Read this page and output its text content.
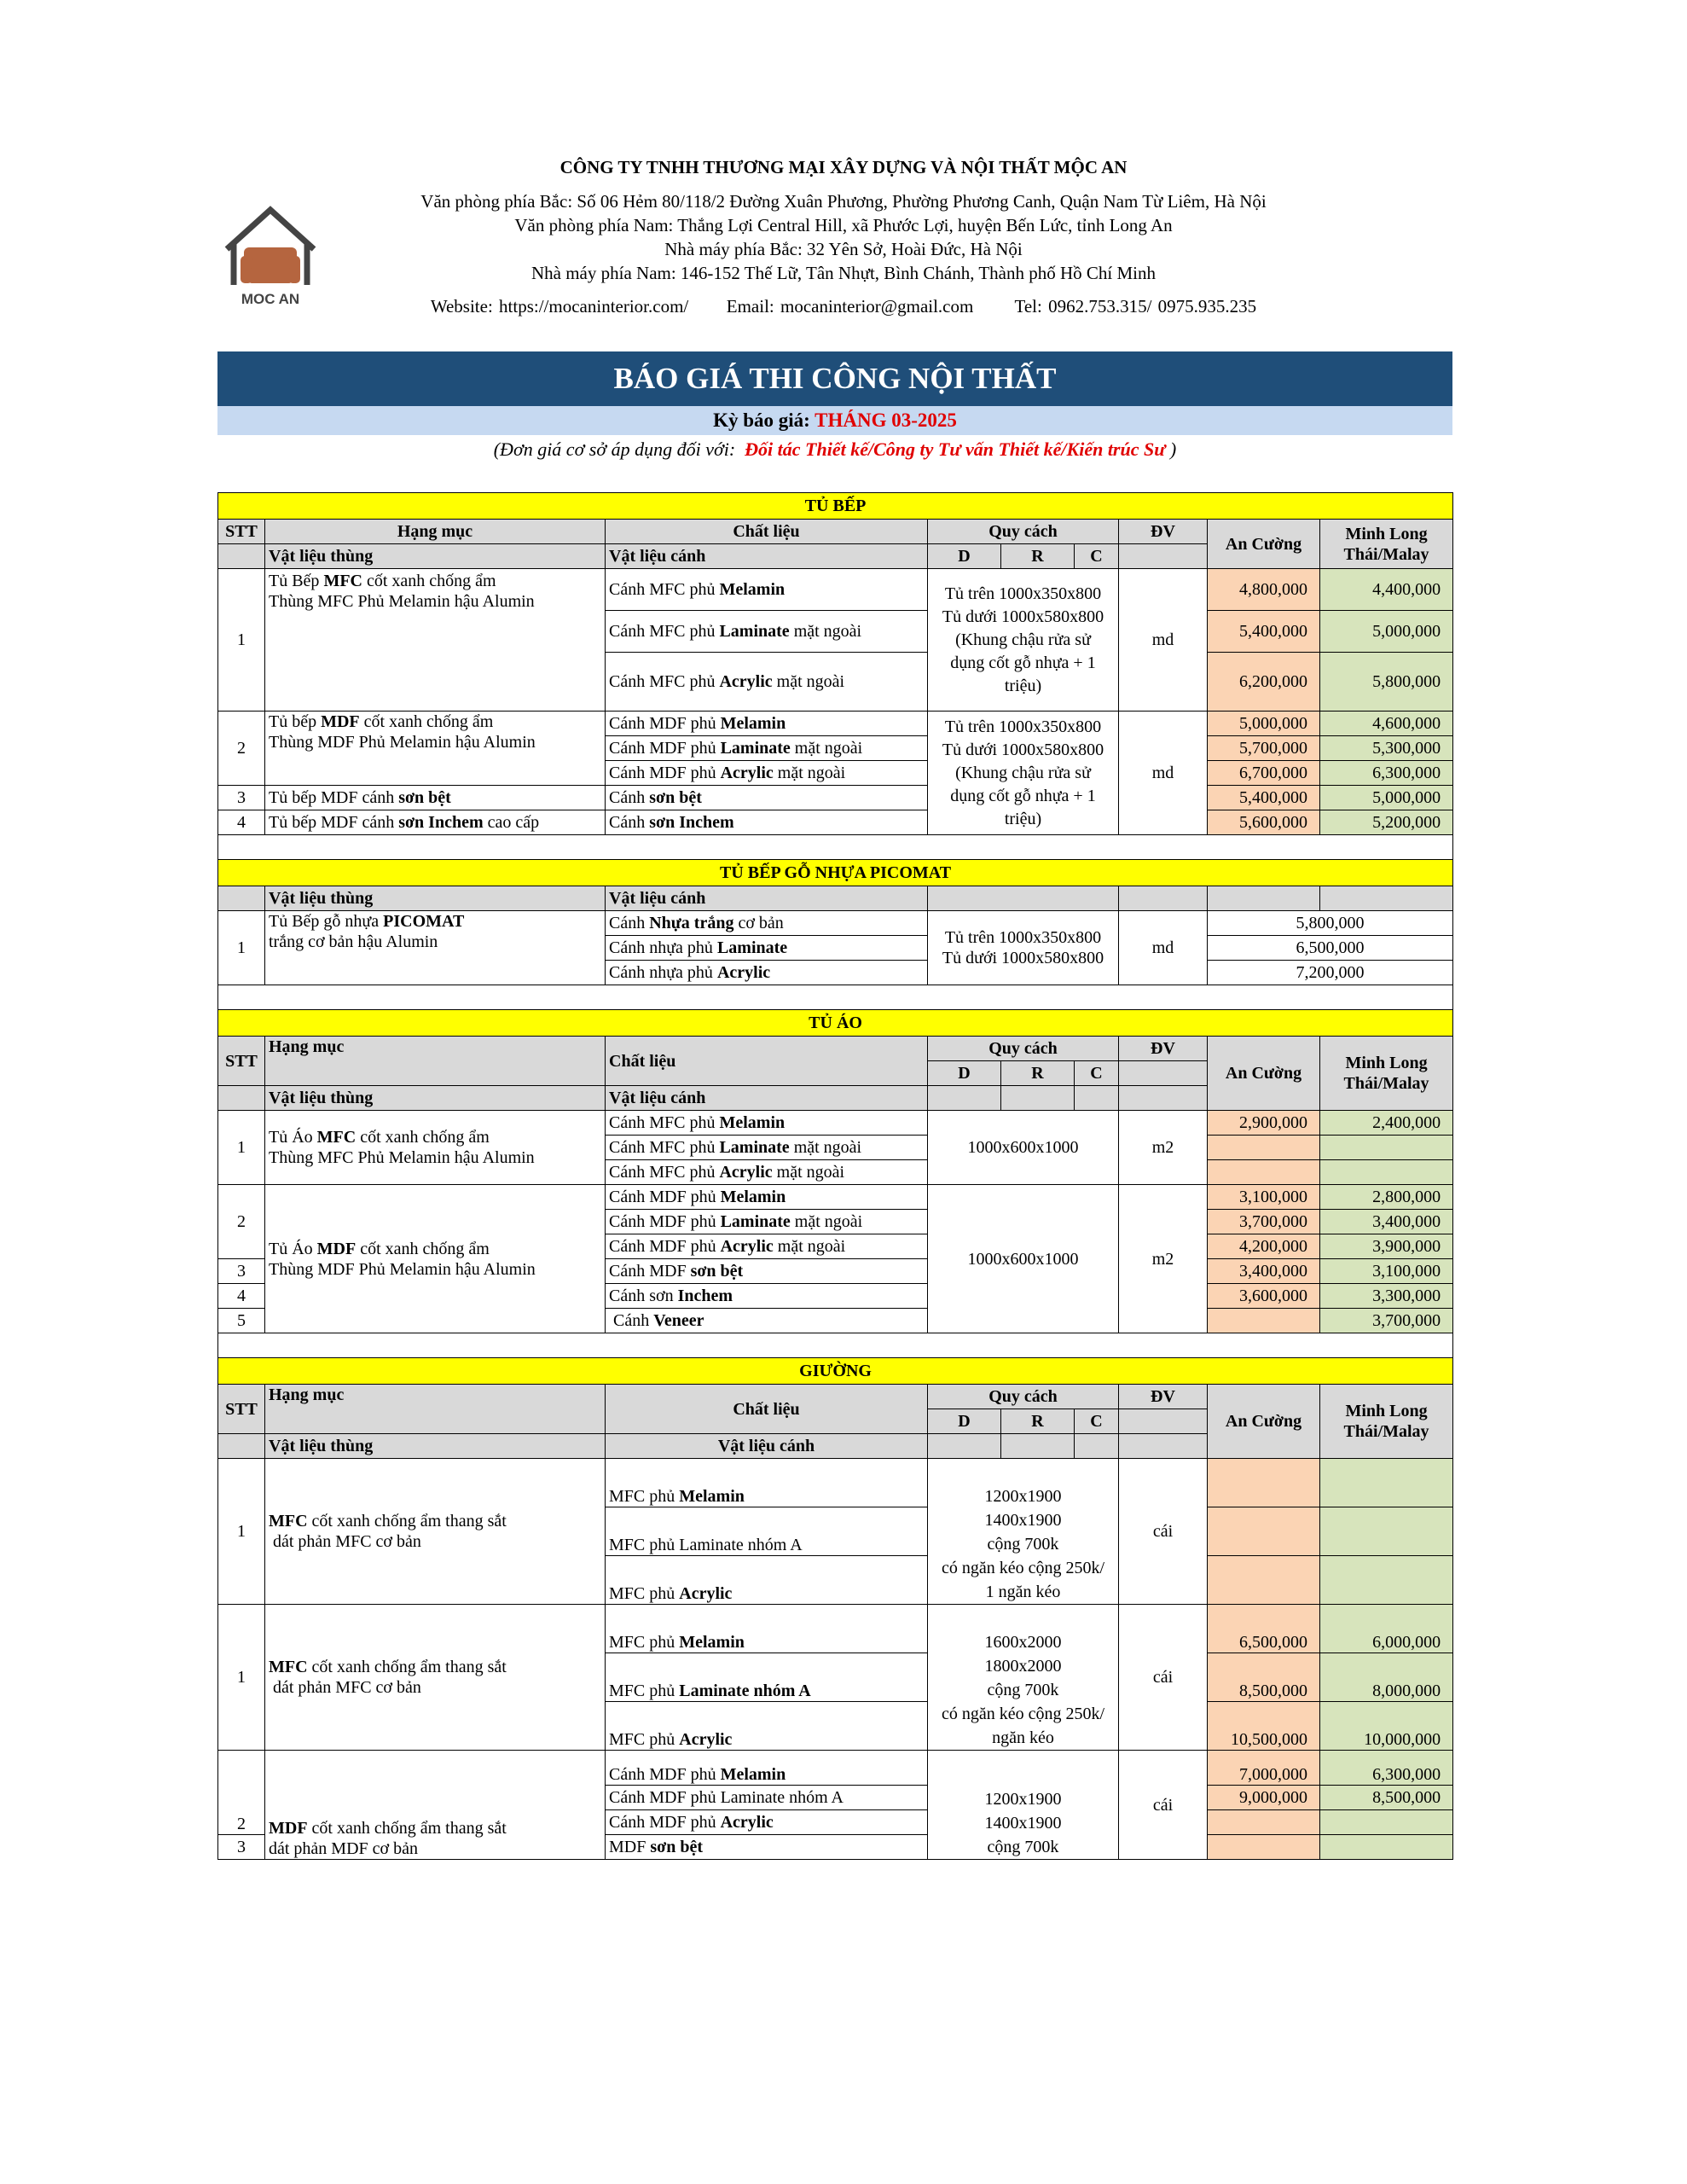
CÔNG TY TNHH THƯƠNG MẠI XÂY DỰNG VÀ NỘI THẤT MỘC AN
Văn phòng phía Bắc: Số 06 Hẻm 80/118/2 Đường Xuân Phương, Phường Phương Canh, Quận Nam Từ Liêm, Hà Nội
Văn phòng phía Nam: Thắng Lợi Central Hill, xã Phước Lợi, huyện Bến Lức, tỉnh Long An
Nhà máy phía Bắc: 32 Yên Sở, Hoài Đức, Hà Nội
Nhà máy phía Nam: 146-152 Thế Lữ, Tân Nhựt, Bình Chánh, Thành phố Hồ Chí Minh
Website: https://mocaninterior.com/ Email: mocaninterior@gmail.com Tel: 0962.753.315/ 0975.935.235
MOC AN
BÁO GIÁ THI CÔNG NỘI THẤT
Kỳ báo giá: THÁNG 03-2025
(Đơn giá cơ sở áp dụng đối với: Đối tác Thiết kế/Công ty Tư vấn Thiết kế/Kiến trúc Sư )
TỦ BẾP								
STT	Hạng mục	Chất liệu	Quy cách			ĐV	An Cường	Minh Long
Thái/Malay
			D	R	C			
	Vật liệu thùng	Vật liệu cánh						
1	Tủ Bếp MFC cốt xanh chống ẩm
Thùng MFC Phủ Melamin hậu Alumin	Cánh MFC phủ Melamin	Tủ trên 1000x350x800
Tủ dưới 1000x580x800
(Khung chậu rửa sử
dụng cốt gỗ nhựa + 1
triệu)			md	4,800,000	4,400,000
		Cánh MFC phủ Laminate mặt ngoài					5,400,000	5,000,000
		Cánh MFC phủ Acrylic mặt ngoài					6,200,000	5,800,000
2	Tủ bếp MDF cốt xanh chống ẩm
Thùng MDF Phủ Melamin hậu Alumin	Cánh MDF phủ Melamin	Tủ trên 1000x350x800
Tủ dưới 1000x580x800
(Khung chậu rửa sử
dụng cốt gỗ nhựa + 1
triệu)			md	5,000,000	4,600,000
		Cánh MDF phủ Laminate mặt ngoài					5,700,000	5,300,000
		Cánh MDF phủ Acrylic mặt ngoài					6,700,000	6,300,000
3	Tủ bếp MDF cánh sơn bệt	Cánh sơn bệt					5,400,000	5,000,000
4	Tủ bếp MDF cánh sơn Inchem cao cấp	Cánh sơn Inchem					5,600,000	5,200,000

TỦ BẾP GỖ NHỰA PICOMAT								
	Vật liệu thùng	Vật liệu cánh						
1	Tủ Bếp gỗ nhựa PICOMAT
trắng cơ bản hậu Alumin	Cánh Nhựa trắng cơ bản	Tủ trên 1000x350x800
Tủ dưới 1000x580x800			md	5,800,000	
		Cánh nhựa phủ Laminate					6,500,000	
		Cánh nhựa phủ Acrylic					7,200,000	

TỦ ÁO								
STT	Hạng mục	Chất liệu	Quy cách			ĐV	An Cường	Minh Long
Thái/Malay
			D	R	C			
	Vật liệu thùng	Vật liệu cánh						
1	Tủ Áo MFC cốt xanh chống ẩm
Thùng MFC Phủ Melamin hậu Alumin	Cánh MFC phủ Melamin	1000x600x1000			m2	2,900,000	2,400,000
		Cánh MFC phủ Laminate mặt ngoài						
		Cánh MFC phủ Acrylic mặt ngoài						
2	Tủ Áo MDF cốt xanh chống ẩm
Thùng MDF Phủ Melamin hậu Alumin	Cánh MDF phủ Melamin	1000x600x1000			m2	3,100,000	2,800,000
		Cánh MDF phủ Laminate mặt ngoài					3,700,000	3,400,000
		Cánh MDF phủ Acrylic mặt ngoài					4,200,000	3,900,000
3		Cánh MDF sơn bệt					3,400,000	3,100,000
4		Cánh sơn Inchem					3,600,000	3,300,000
5		Cánh Veneer						3,700,000

GIƯỜNG								
STT	Hạng mục	Chất liệu	Quy cách			ĐV	An Cường	Minh Long
Thái/Malay
			D	R	C			
	Vật liệu thùng	Vật liệu cánh						
1	MFC cốt xanh chống ẩm thang sắt
dát phản MFC cơ bản	MFC phủ Melamin	1200x1900
1400x1900
cộng 700k
có ngăn kéo cộng 250k/
1 ngăn kéo			cái		
		MFC phủ Laminate nhóm A						
		MFC phủ Acrylic						
1	MFC cốt xanh chống ẩm thang sắt
dát phản MFC cơ bản	MFC phủ Melamin	1600x2000
1800x2000
cộng 700k
có ngăn kéo cộng 250k/
ngăn kéo			cái	6,500,000	6,000,000
		MFC phủ Laminate nhóm A					8,500,000	8,000,000
		MFC phủ Acrylic					10,500,000	10,000,000
2	MDF cốt xanh chống ẩm thang sắt
dát phản MDF cơ bản	Cánh MDF phủ Melamin	1200x1900
1400x1900
cộng 700k			cái	7,000,000	6,300,000
		Cánh MDF phủ Laminate nhóm A					9,000,000	8,500,000
		Cánh MDF phủ Acrylic						
3		MDF sơn bệt						
